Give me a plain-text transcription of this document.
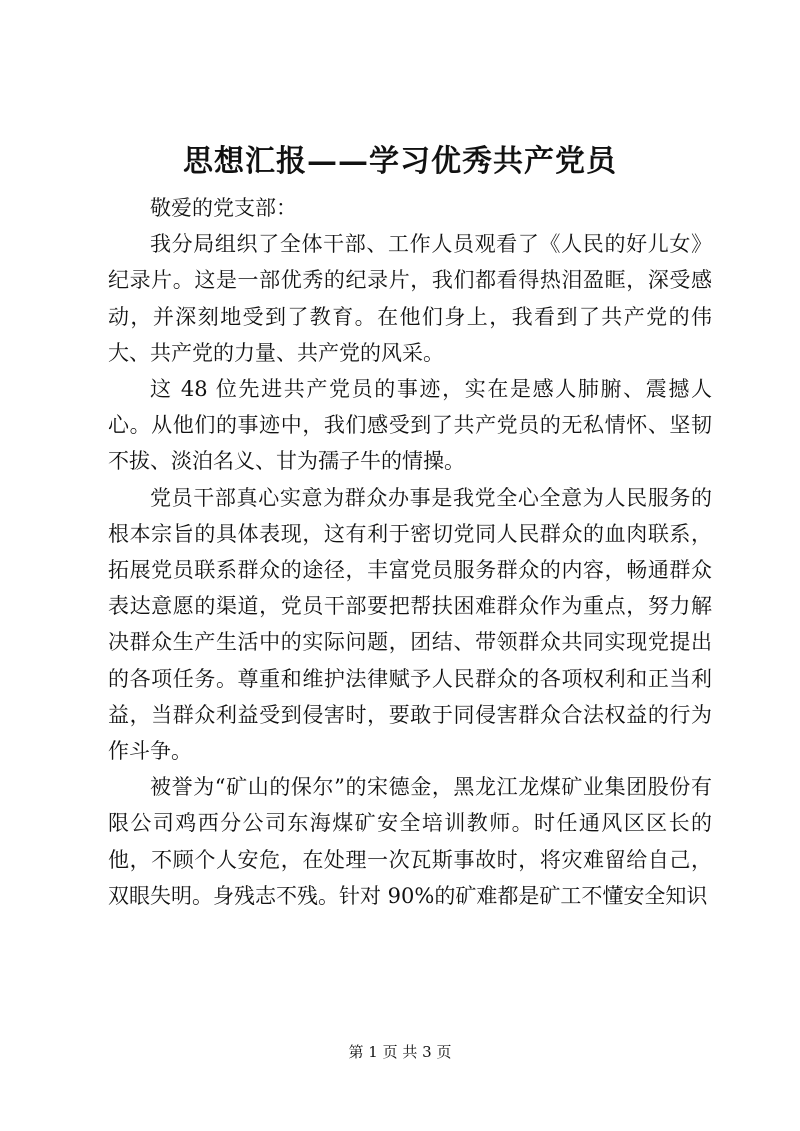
思想汇报——学习优秀共产党员

敬爱的党支部：

我分局组织了全体干部、工作人员观看了《人民的好儿女》纪录片。这是一部优秀的纪录片，我们都看得热泪盈眶，深受感动，并深刻地受到了教育。在他们身上，我看到了共产党的伟大、共产党的力量、共产党的风采。

这 48 位先进共产党员的事迹，实在是感人肺腑、震撼人心。从他们的事迹中，我们感受到了共产党员的无私情怀、坚韧不拔、淡泊名义、甘为孺子牛的情操。

党员干部真心实意为群众办事是我党全心全意为人民服务的根本宗旨的具体表现，这有利于密切党同人民群众的血肉联系，拓展党员联系群众的途径，丰富党员服务群众的内容，畅通群众表达意愿的渠道，党员干部要把帮扶困难群众作为重点，努力解决群众生产生活中的实际问题，团结、带领群众共同实现党提出的各项任务。尊重和维护法律赋予人民群众的各项权利和正当利益，当群众利益受到侵害时，要敢于同侵害群众合法权益的行为作斗争。

被誉为“矿山的保尔”的宋德金，黑龙江龙煤矿业集团股份有限公司鸡西分公司东海煤矿安全培训教师。时任通风区区长的他，不顾个人安危，在处理一次瓦斯事故时，将灾难留给自己，双眼失明。身残志不残。针对 90%的矿难都是矿工不懂安全知识

第 1 页 共 3 页
